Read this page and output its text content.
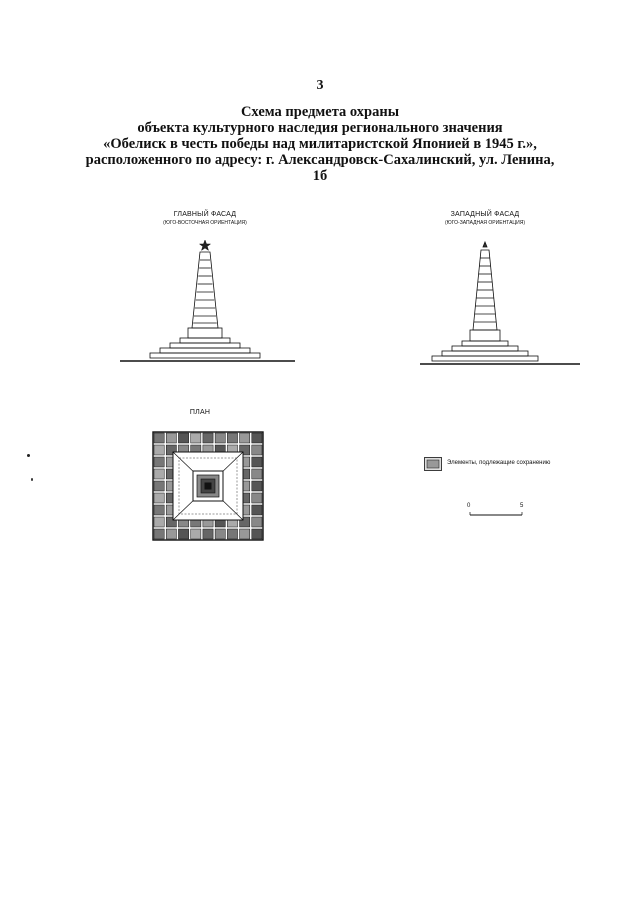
3
Схема предмета охраны
объекта культурного наследия регионального значения
«Обелиск в честь победы над милитаристской Японией в 1945 г.»,
расположенного по адресу: г. Александровск-Сахалинский, ул. Ленина,
1б
ГЛАВНЫЙ ФАСАД
(ЮГО-ВОСТОЧНАЯ ОРИЕНТАЦИЯ)
ЗАПАДНЫЙ ФАСАД
(ЮГО-ЗАПАДНАЯ ОРИЕНТАЦИЯ)
ПЛАН
Элементы, подлежащие сохранению
0	5
